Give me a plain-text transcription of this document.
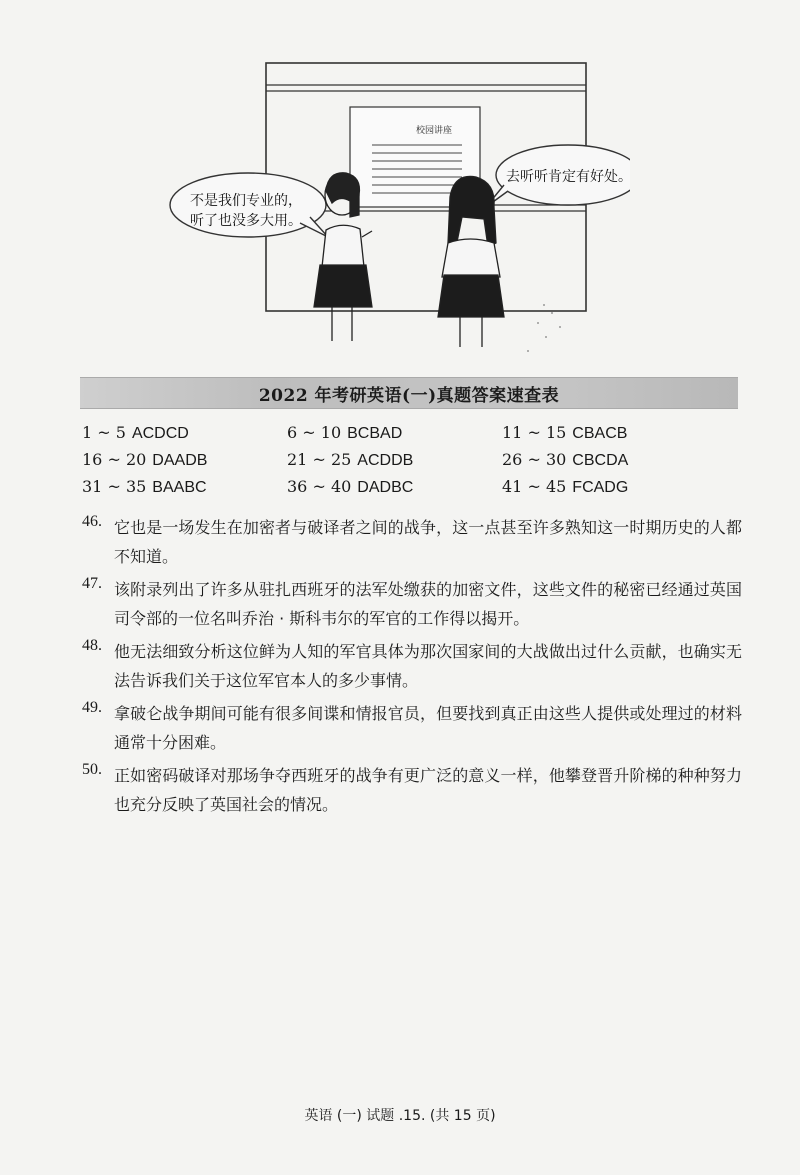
校园讲座
不是我们专业的，
听了也没多大用。
去听听肯定有好处。
2022 年考研英语(一)真题答案速查表
1 ~ 5 ACDCD	6 ~ 10 BCBAD	11 ~ 15 CBACB
16 ~ 20 DAADB	21 ~ 25 ACDDB	26 ~ 30 CBCDA
31 ~ 35 BAABC	36 ~ 40 DADBC	41 ~ 45 FCADG
46. 它也是一场发生在加密者与破译者之间的战争，这一点甚至许多熟知这一时期历史的人都不知道。
47. 该附录列出了许多从驻扎西班牙的法军处缴获的加密文件，这些文件的秘密已经通过英国司令部的一位名叫乔治 · 斯科韦尔的军官的工作得以揭开。
48. 他无法细致分析这位鲜为人知的军官具体为那次国家间的大战做出过什么贡献，也确实无法告诉我们关于这位军官本人的多少事情。
49. 拿破仑战争期间可能有很多间谍和情报官员，但要找到真正由这些人提供或处理过的材料通常十分困难。
50. 正如密码破译对那场争夺西班牙的战争有更广泛的意义一样，他攀登晋升阶梯的种种努力也充分反映了英国社会的情况。
英语 (一) 试题 .15. (共 15 页)
